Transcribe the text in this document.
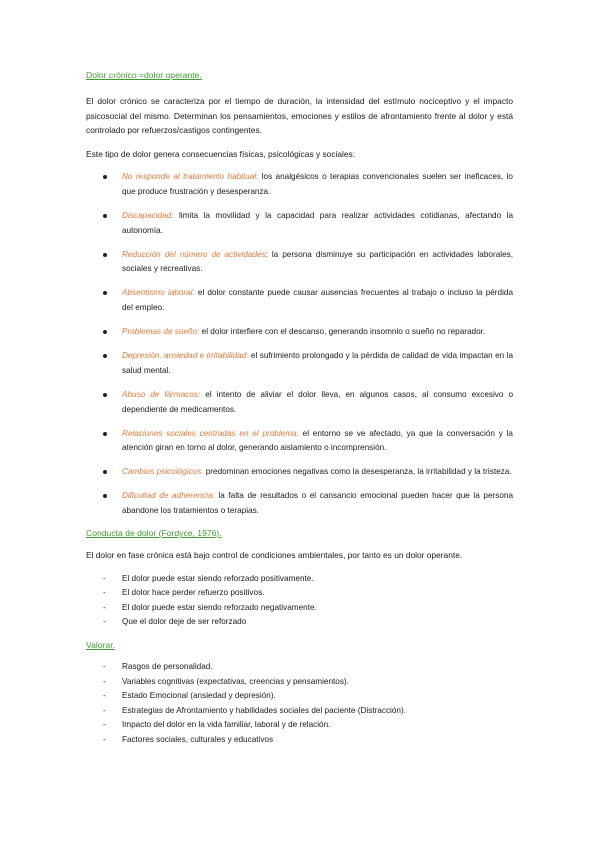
Dolor crónico =dolor operante.

El dolor crónico se caracteriza por el tiempo de duración, la intensidad del estímulo nociceptivo y el impacto psicosocial del mismo. Determinan los pensamientos, emociones y estilos de afrontamiento frente al dolor y está controlado por refuerzos/castigos contingentes.

Este tipo de dolor genera consecuencias físicas, psicológicas y sociales:

No responde al tratamiento habitual: los analgésicos o terapias convencionales suelen ser ineficaces, lo que produce frustración y desesperanza.
Discapacidad: limita la movilidad y la capacidad para realizar actividades cotidianas, afectando la autonomía.
Reducción del número de actividades: la persona disminuye su participación en actividades laborales, sociales y recreativas.
Absentismo laboral: el dolor constante puede causar ausencias frecuentes al trabajo o incluso la pérdida del empleo.
Problemas de sueño: el dolor interfiere con el descanso, generando insomnio o sueño no reparador.
Depresión, ansiedad e irritabilidad: el sufrimiento prolongado y la pérdida de calidad de vida impactan en la salud mental.
Abuso de fármacos: el intento de aliviar el dolor lleva, en algunos casos, al consumo excesivo o dependiente de medicamentos.
Relaciones sociales centradas en el problema: el entorno se ve afectado, ya que la conversación y la atención giran en torno al dolor, generando aislamiento o incomprensión.
Cambios psicológicos: predominan emociones negativas como la desesperanza, la irritabilidad y la tristeza.
Dificultad de adherencia: la falta de resultados o el cansancio emocional pueden hacer que la persona abandone los tratamientos o terapias.

Conducta de dolor (Fordyce, 1976).

El dolor en fase crónica está bajo control de condiciones ambientales, por tanto es un dolor operante.

- El dolor puede estar siendo reforzado positivamente.
- El dolor hace perder refuerzo positivos.
- El dolor puede estar siendo reforzado negativamente.
- Que el dolor deje de ser reforzado

Valorar.

- Rasgos de personalidad.
- Variables cognitivas (expectativas, creencias y pensamientos).
- Estado Emocional (ansiedad y depresión).
- Estrategias de Afrontamiento y habilidades sociales del paciente (Distracción).
- Impacto del dolor en la vida familiar, laboral y de relación.
- Factores sociales, culturales y educativos
